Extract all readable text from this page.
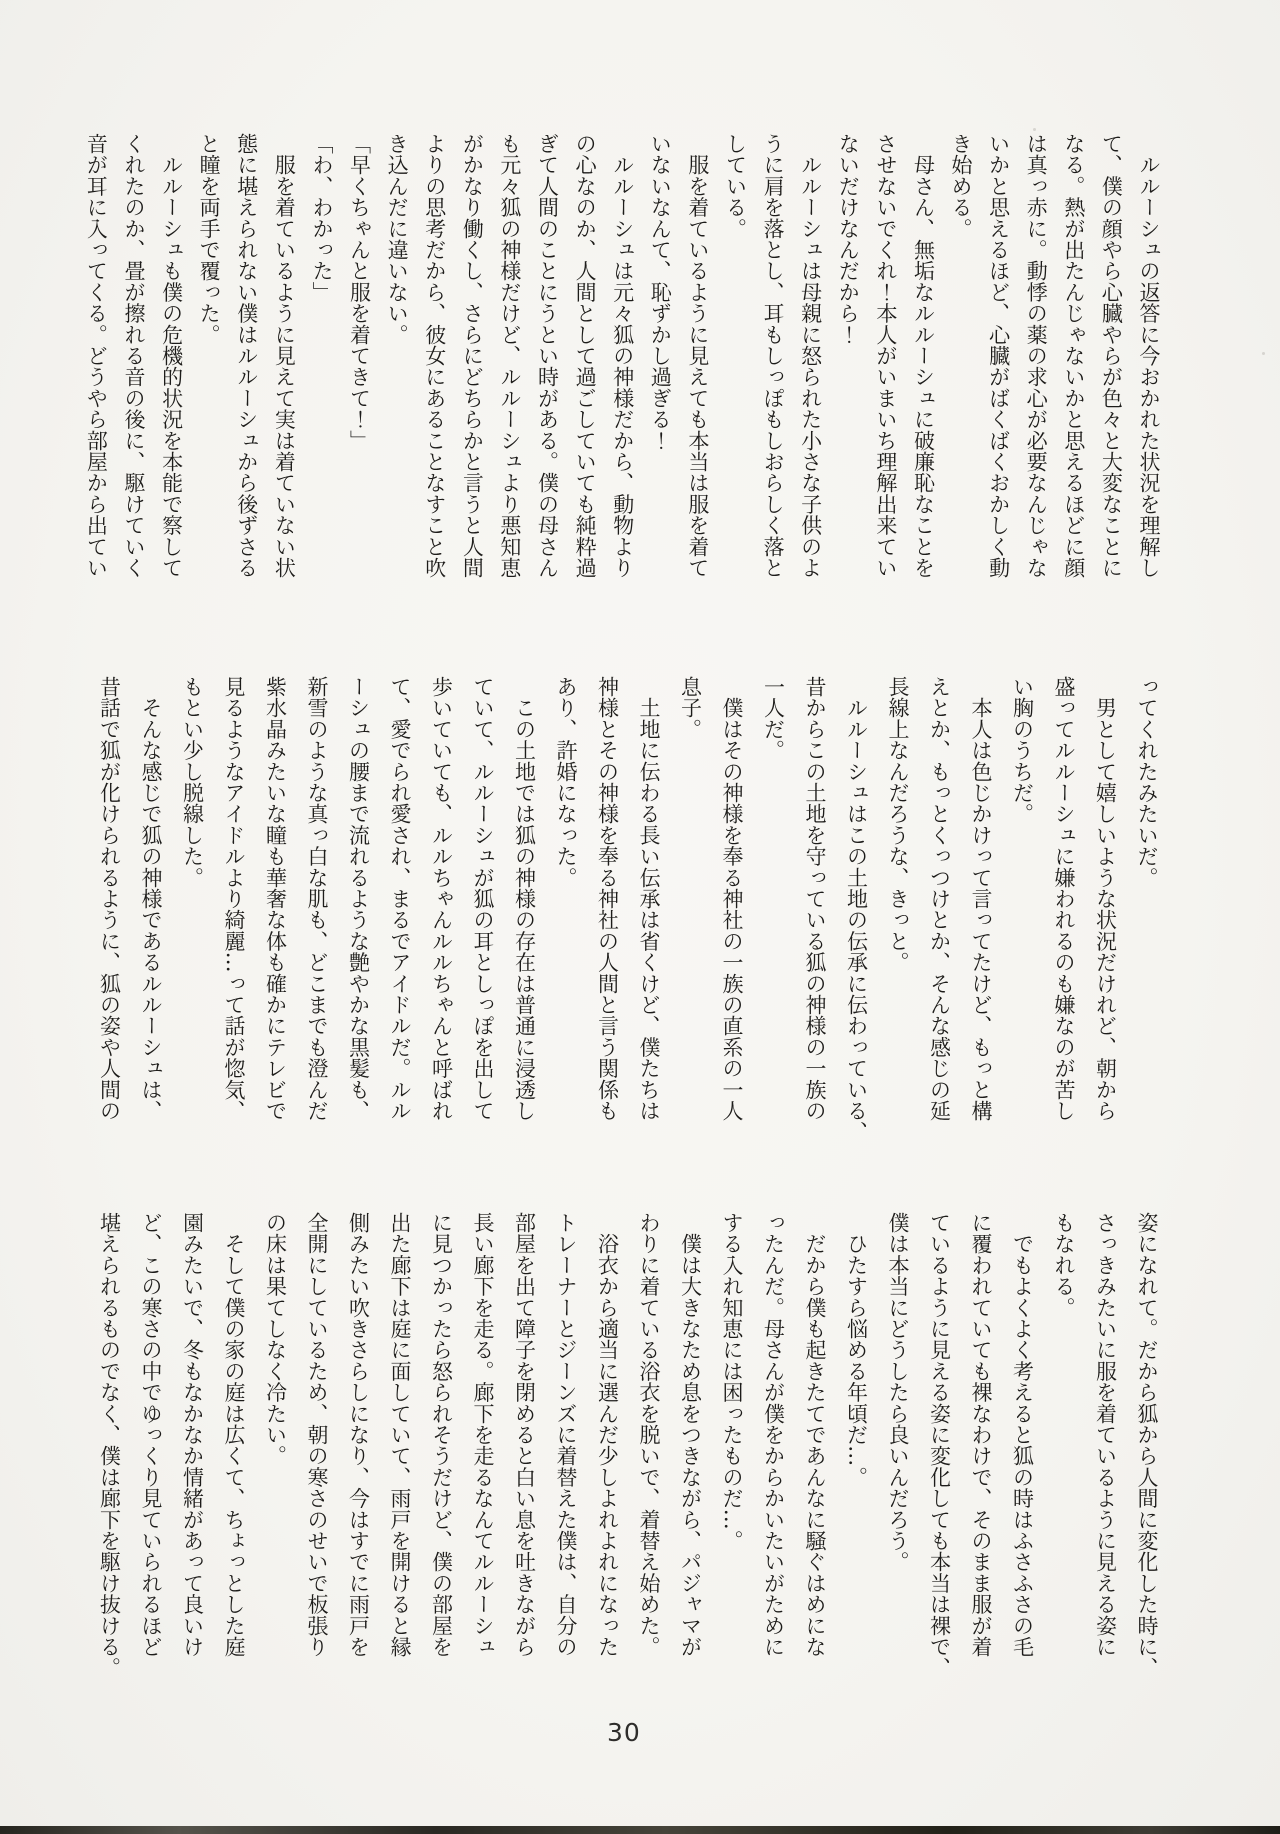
　ルルーシュの返答に今おかれた状況を理解し

て、僕の顔やら心臓やらが色々と大変なことに

なる。熱が出たんじゃないかと思えるほどに顔

は真っ赤に。動悸の薬の求心が必要なんじゃな

いかと思えるほど、心臓がばくばくおかしく動

き始める。

　母さん、無垢なルルーシュに破廉恥なことを

させないでくれ！本人がいまいち理解出来てい

ないだけなんだから！

　ルルーシュは母親に怒られた小さな子供のよ

うに肩を落とし、耳もしっぽもしおらしく落と

している。

　服を着ているように見えても本当は服を着て

いないなんて、恥ずかし過ぎる！

　ルルーシュは元々狐の神様だから、動物より

の心なのか、人間として過ごしていても純粋過

ぎて人間のことにうとい時がある。僕の母さん

も元々狐の神様だけど、ルルーシュより悪知恵

がかなり働くし、さらにどちらかと言うと人間

よりの思考だから、彼女にあることなすこと吹

き込んだに違いない。

「早くちゃんと服を着てきて！」

「わ、わかった」

　服を着ているように見えて実は着ていない状

態に堪えられない僕はルルーシュから後ずさる

と瞳を両手で覆った。

　ルルーシュも僕の危機的状況を本能で察して

くれたのか、畳が擦れる音の後に、駆けていく

音が耳に入ってくる。どうやら部屋から出てい

ってくれたみたいだ。

　男として嬉しいような状況だけれど、朝から

盛ってルルーシュに嫌われるのも嫌なのが苦し

い胸のうちだ。

　本人は色じかけって言ってたけど、もっと構

えとか、もっとくっつけとか、そんな感じの延

長線上なんだろうな、きっと。

　ルルーシュはこの土地の伝承に伝わっている、

昔からこの土地を守っている狐の神様の一族の

一人だ。

　僕はその神様を奉る神社の一族の直系の一人

息子。

　土地に伝わる長い伝承は省くけど、僕たちは

神様とその神様を奉る神社の人間と言う関係も

あり、許婚になった。

　この土地では狐の神様の存在は普通に浸透し

ていて、ルルーシュが狐の耳としっぽを出して

歩いていても、ルルちゃんルルちゃんと呼ばれ

て、愛でられ愛され、まるでアイドルだ。ルル

ーシュの腰まで流れるような艶やかな黒髪も、

新雪のような真っ白な肌も、どこまでも澄んだ

紫水晶みたいな瞳も華奢な体も確かにテレビで

見るようなアイドルより綺麗…って話が惚気、

もとい少し脱線した。

　そんな感じで狐の神様であるルルーシュは、

昔話で狐が化けられるように、狐の姿や人間の

姿になれて。だから狐から人間に変化した時に、

さっきみたいに服を着ているように見える姿に

もなれる。

　でもよくよく考えると狐の時はふさふさの毛

に覆われていても裸なわけで、そのまま服が着

ているように見える姿に変化しても本当は裸で、

僕は本当にどうしたら良いんだろう。

　ひたすら悩める年頃だ…。

　だから僕も起きたてであんなに騒ぐはめにな

ったんだ。母さんが僕をからかいたいがために

する入れ知恵には困ったものだ…。

　僕は大きなため息をつきながら、パジャマが

わりに着ている浴衣を脱いで、着替え始めた。

　浴衣から適当に選んだ少しよれよれになった

トレーナーとジーンズに着替えた僕は、自分の

部屋を出て障子を閉めると白い息を吐きながら

長い廊下を走る。廊下を走るなんてルルーシュ

に見つかったら怒られそうだけど、僕の部屋を

出た廊下は庭に面していて、雨戸を開けると縁

側みたい吹きさらしになり、今はすでに雨戸を

全開にしているため、朝の寒さのせいで板張り

の床は果てしなく冷たい。

　そして僕の家の庭は広くて、ちょっとした庭

園みたいで、冬もなかなか情緒があって良いけ

ど、この寒さの中でゆっくり見ていられるほど

堪えられるものでなく、僕は廊下を駆け抜ける。

30
